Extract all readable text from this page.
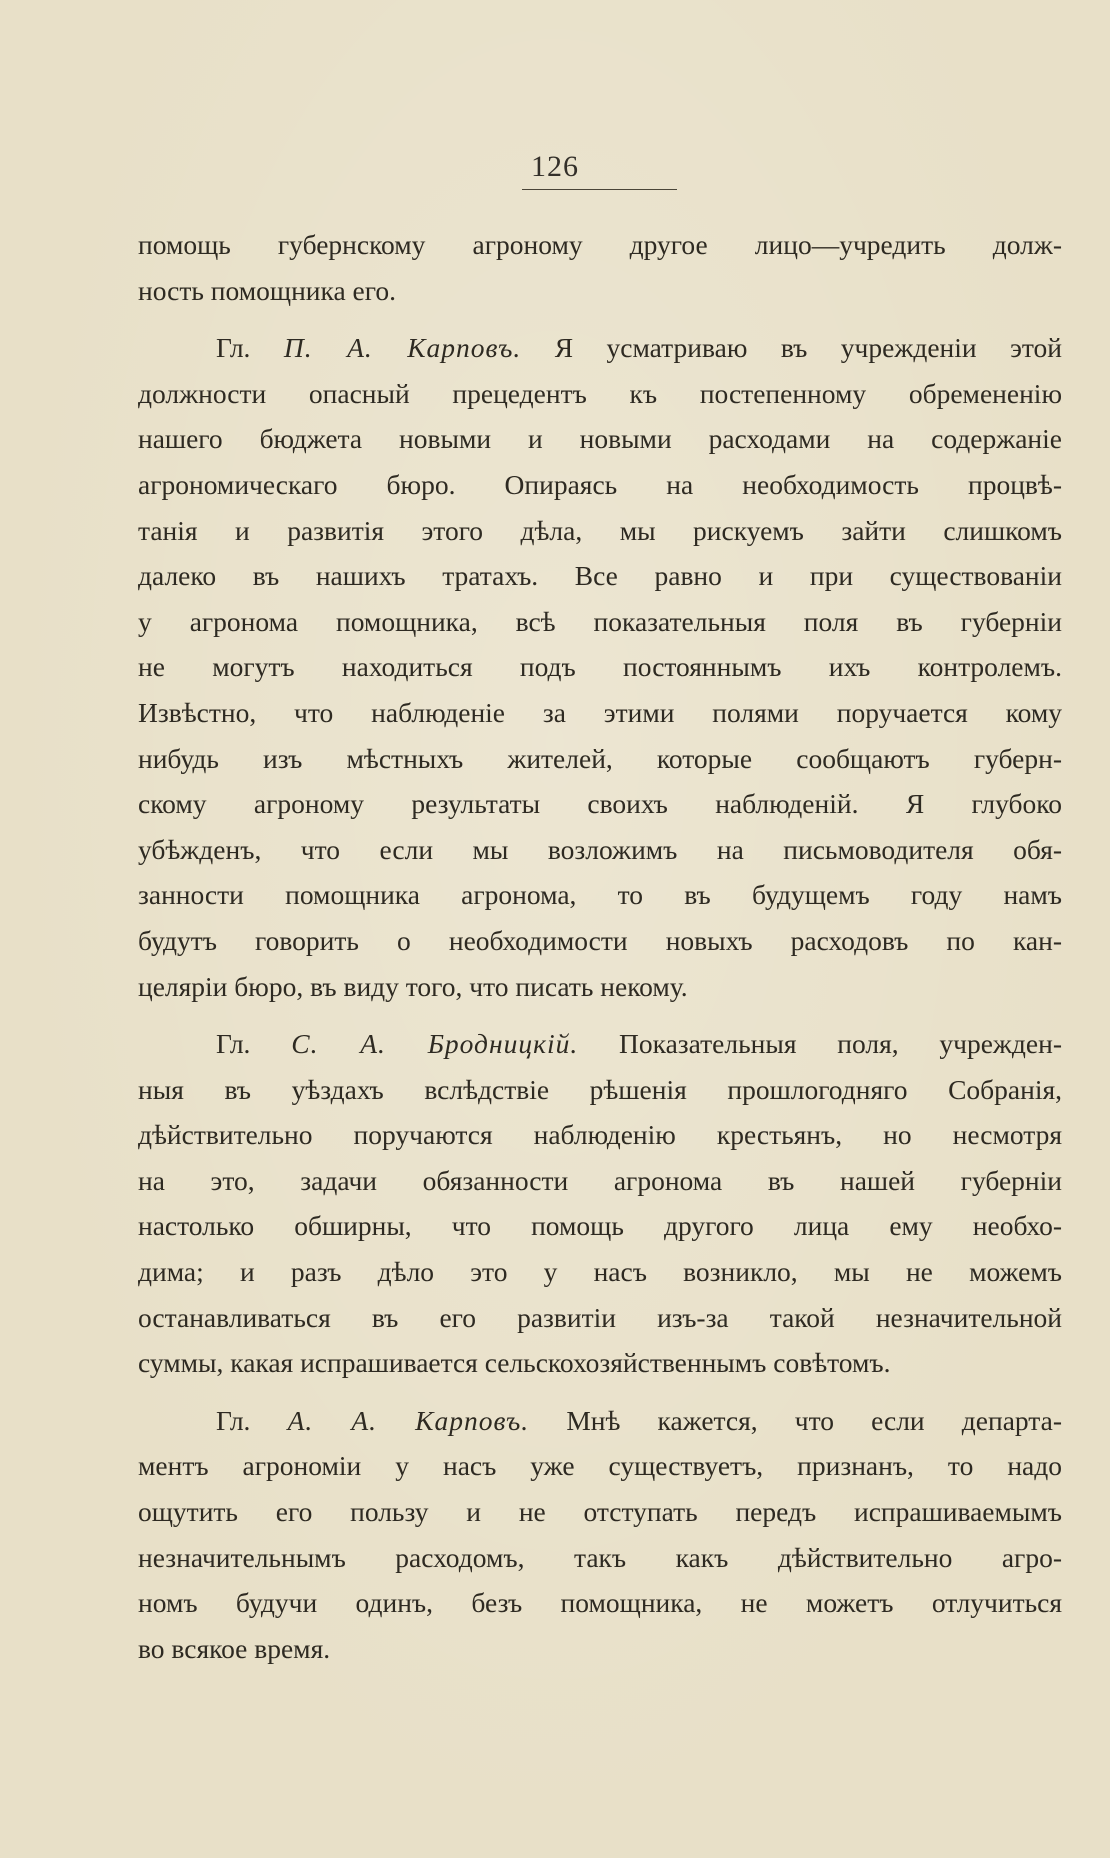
126
помощь губернскому агроному другое лицо—учредить долж-
ность помощника его.
Гл. П. А. Карповъ. Я усматриваю въ учрежденіи этой
должности опасный прецедентъ къ постепенному обремененію
нашего бюджета новыми и новыми расходами на содержаніе
агрономическаго бюро. Опираясь на необходимость процвѣ-
танія и развитія этого дѣла, мы рискуемъ зайти слишкомъ
далеко въ нашихъ тратахъ. Все равно и при существованіи
у агронома помощника, всѣ показательныя поля въ губерніи
не могутъ находиться подъ постояннымъ ихъ контролемъ.
Извѣстно, что наблюденіе за этими полями поручается кому
нибудь изъ мѣстныхъ жителей, которые сообщаютъ губерн-
скому агроному результаты своихъ наблюденій. Я глубоко
убѣжденъ, что если мы возложимъ на письмоводителя обя-
занности помощника агронома, то въ будущемъ году намъ
будутъ говорить о необходимости новыхъ расходовъ по кан-
целяріи бюро, въ виду того, что писать некому.
Гл. С. А. Бродницкій. Показательныя поля, учрежден-
ныя въ уѣздахъ вслѣдствіе рѣшенія прошлогодняго Собранія,
дѣйствительно поручаются наблюденію крестьянъ, но несмотря
на это, задачи обязанности агронома въ нашей губерніи
настолько обширны, что помощь другого лица ему необхо-
дима; и разъ дѣло это у насъ возникло, мы не можемъ
останавливаться въ его развитіи изъ-за такой незначительной
суммы, какая испрашивается сельскохозяйственнымъ совѣтомъ.
Гл. А. А. Карповъ. Мнѣ кажется, что если департа-
ментъ агрономіи у насъ уже существуетъ, признанъ, то надо
ощутить его пользу и не отступать передъ испрашиваемымъ
незначительнымъ расходомъ, такъ какъ дѣйствительно агро-
номъ будучи одинъ, безъ помощника, не можетъ отлучиться
во всякое время.
